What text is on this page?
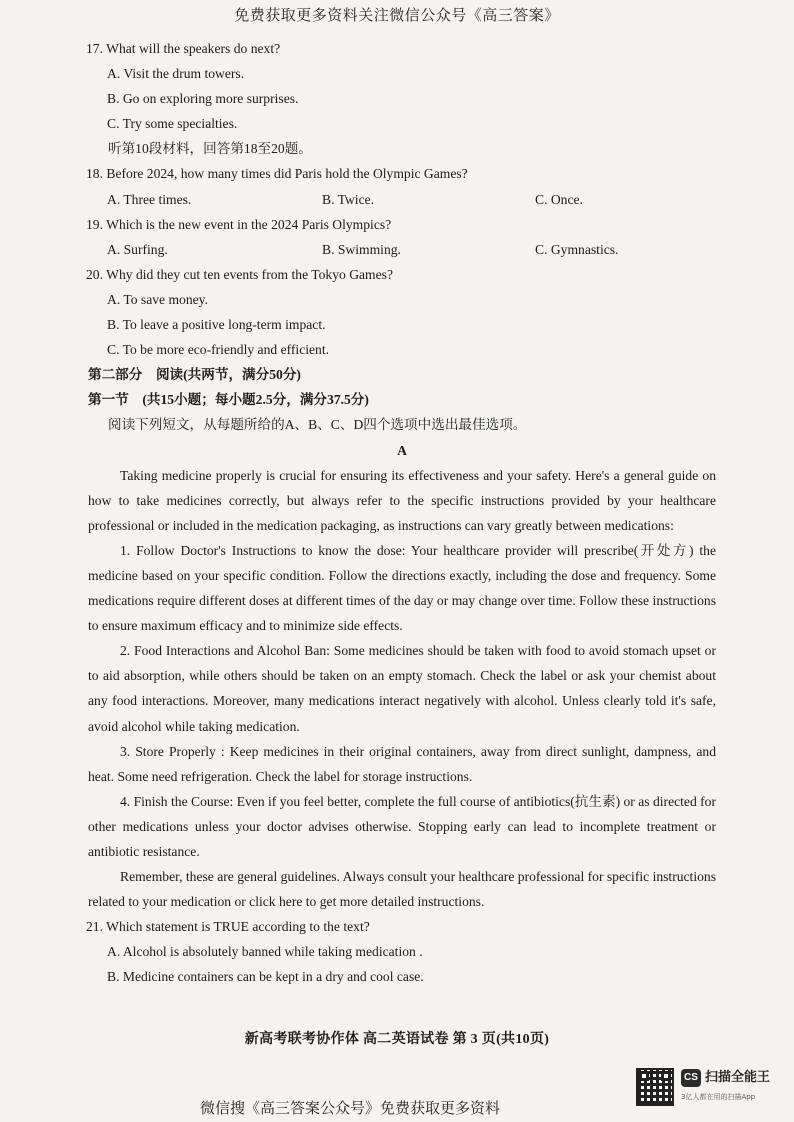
免费获取更多资料关注微信公众号《高三答案》
17. What will the speakers do next?
A. Visit the drum towers.
B. Go on exploring more surprises.
C. Try some specialties.
听第10段材料，回答第18至20题。
18. Before 2024, how many times did Paris hold the Olympic Games?
A. Three times.	B. Twice.	C. Once.
19. Which is the new event in the 2024 Paris Olympics?
A. Surfing.	B. Swimming.	C. Gymnastics.
20. Why did they cut ten events from the Tokyo Games?
A. To save money.
B. To leave a positive long-term impact.
C. To be more eco-friendly and efficient.
第二部分　阅读(共两节，满分50分)
第一节　(共15小题；每小题2.5分，满分37.5分)
阅读下列短文，从每题所给的A、B、C、D四个选项中选出最佳选项。
A

Taking medicine properly is crucial for ensuring its effectiveness and your safety. Here's a general guide on how to take medicines correctly, but always refer to the specific instructions provided by your healthcare professional or included in the medication packaging, as instructions can vary greatly between medications:

1. Follow Doctor's Instructions to know the dose: Your healthcare provider will prescribe(开处方) the medicine based on your specific condition. Follow the directions exactly, including the dose and frequency. Some medications require different doses at different times of the day or may change over time. Follow these instructions to ensure maximum efficacy and to minimize side effects.

2. Food Interactions and Alcohol Ban: Some medicines should be taken with food to avoid stomach upset or to aid absorption, while others should be taken on an empty stomach. Check the label or ask your chemist about any food interactions. Moreover, many medications interact negatively with alcohol. Unless clearly told it's safe, avoid alcohol while taking medication.

3. Store Properly : Keep medicines in their original containers, away from direct sunlight, dampness, and heat. Some need refrigeration. Check the label for storage instructions.

4. Finish the Course: Even if you feel better, complete the full course of antibiotics(抗生素) or as directed for other medications unless your doctor advises otherwise. Stopping early can lead to incomplete treatment or antibiotic resistance.

Remember, these are general guidelines. Always consult your healthcare professional for specific instructions related to your medication or click here to get more detailed instructions.

21. Which statement is TRUE according to the text?
A. Alcohol is absolutely banned while taking medication .
B. Medicine containers can be kept in a dry and cool case.
新高考联考协作体 高二英语试卷 第 3 页(共10页)
CS 扫描全能王
3亿人都在用的扫描App
微信搜《高三答案公众号》免费获取更多资料
